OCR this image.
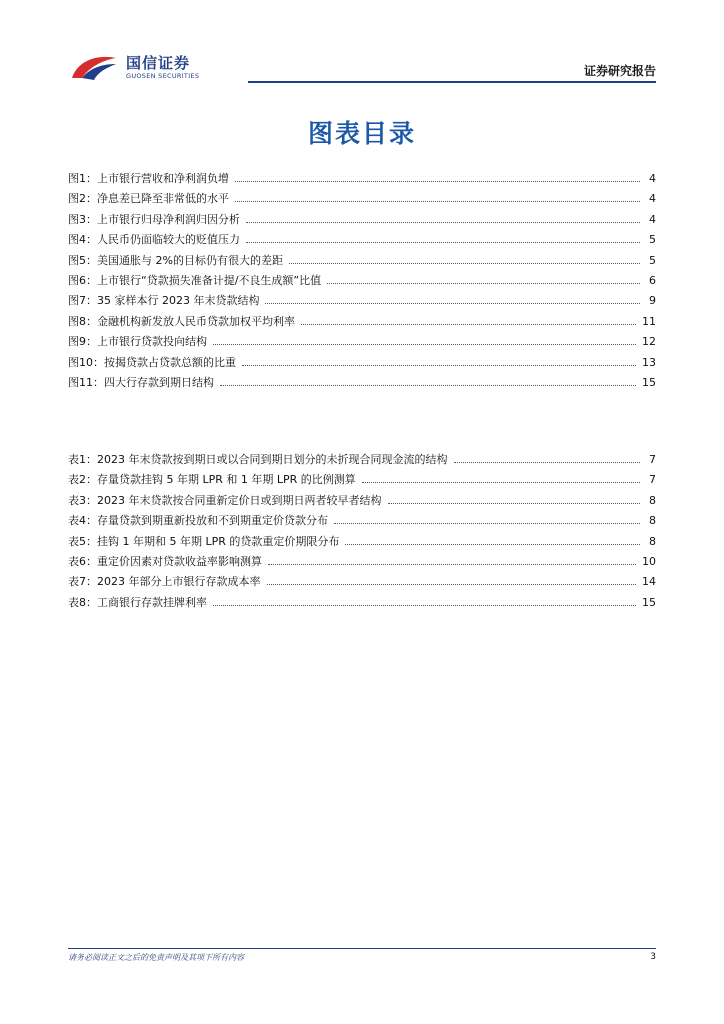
国信证券
GUOSEN SECURITIES	证券研究报告
图表目录
图1： 上市银行营收和净利润负增	4
图2： 净息差已降至非常低的水平	4
图3： 上市银行归母净利润归因分析	4
图4： 人民币仍面临较大的贬值压力	5
图5： 美国通胀与 2%的目标仍有很大的差距	5
图6： 上市银行“贷款损失准备计提/不良生成额”比值	6
图7： 35 家样本行 2023 年末贷款结构	9
图8： 金融机构新发放人民币贷款加权平均利率	11
图9： 上市银行贷款投向结构	12
图10： 按揭贷款占贷款总额的比重	13
图11： 四大行存款到期日结构	15
表1： 2023 年末贷款按到期日或以合同到期日划分的未折现合同现金流的结构	7
表2： 存量贷款挂钩 5 年期 LPR 和 1 年期 LPR 的比例测算	7
表3： 2023 年末贷款按合同重新定价日或到期日两者较早者结构	8
表4： 存量贷款到期重新投放和不到期重定价贷款分布	8
表5： 挂钩 1 年期和 5 年期 LPR 的贷款重定价期限分布	8
表6： 重定价因素对贷款收益率影响测算	10
表7： 2023 年部分上市银行存款成本率	14
表8： 工商银行存款挂牌利率	15
请务必阅读正文之后的免责声明及其项下所有内容	3
